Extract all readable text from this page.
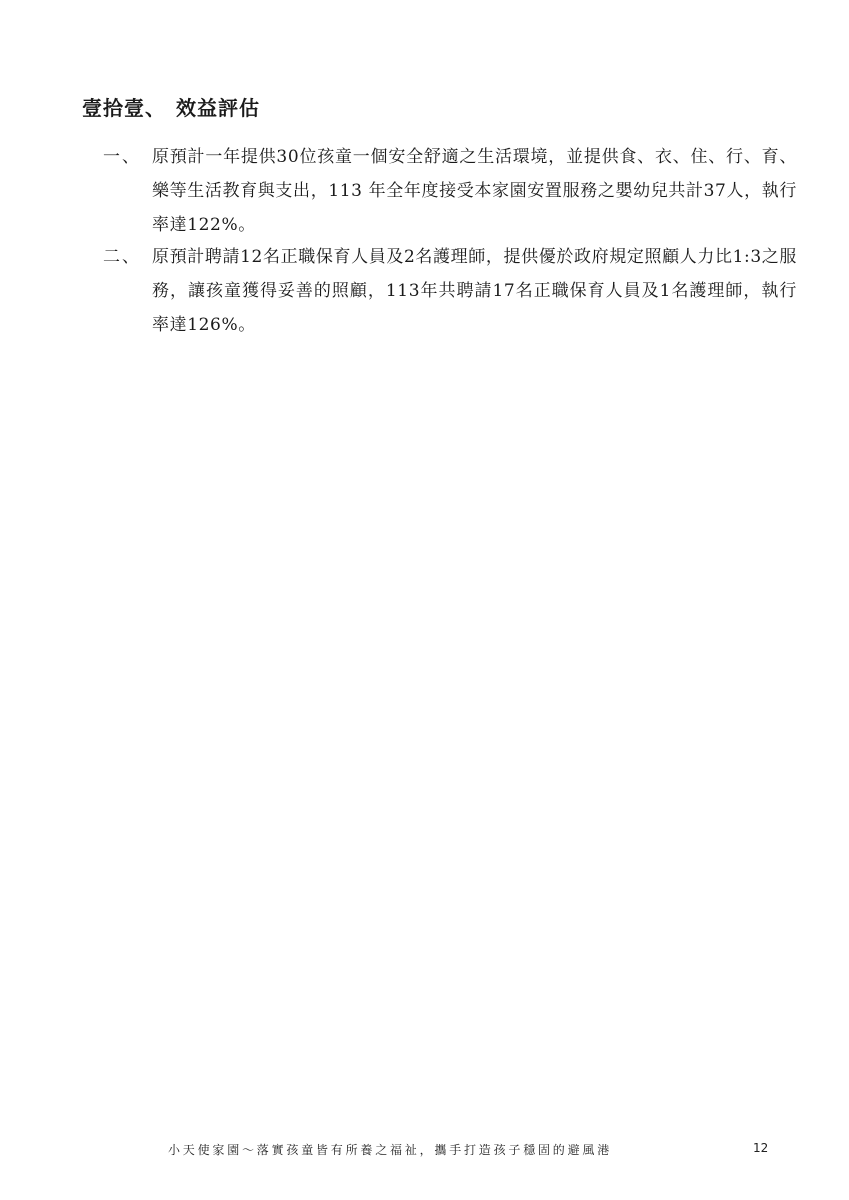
壹拾壹、 效益評估
一、 原預計一年提供30位孩童一個安全舒適之生活環境，並提供食、衣、住、行、育、樂等生活教育與支出，113 年全年度接受本家園安置服務之嬰幼兒共計37人，執行率達122%。
二、 原預計聘請12名正職保育人員及2名護理師，提供優於政府規定照顧人力比1:3之服務，讓孩童獲得妥善的照顧，113年共聘請17名正職保育人員及1名護理師，執行率達126%。
小天使家園～落實孩童皆有所養之福祉，攜手打造孩子穩固的避風港	12
